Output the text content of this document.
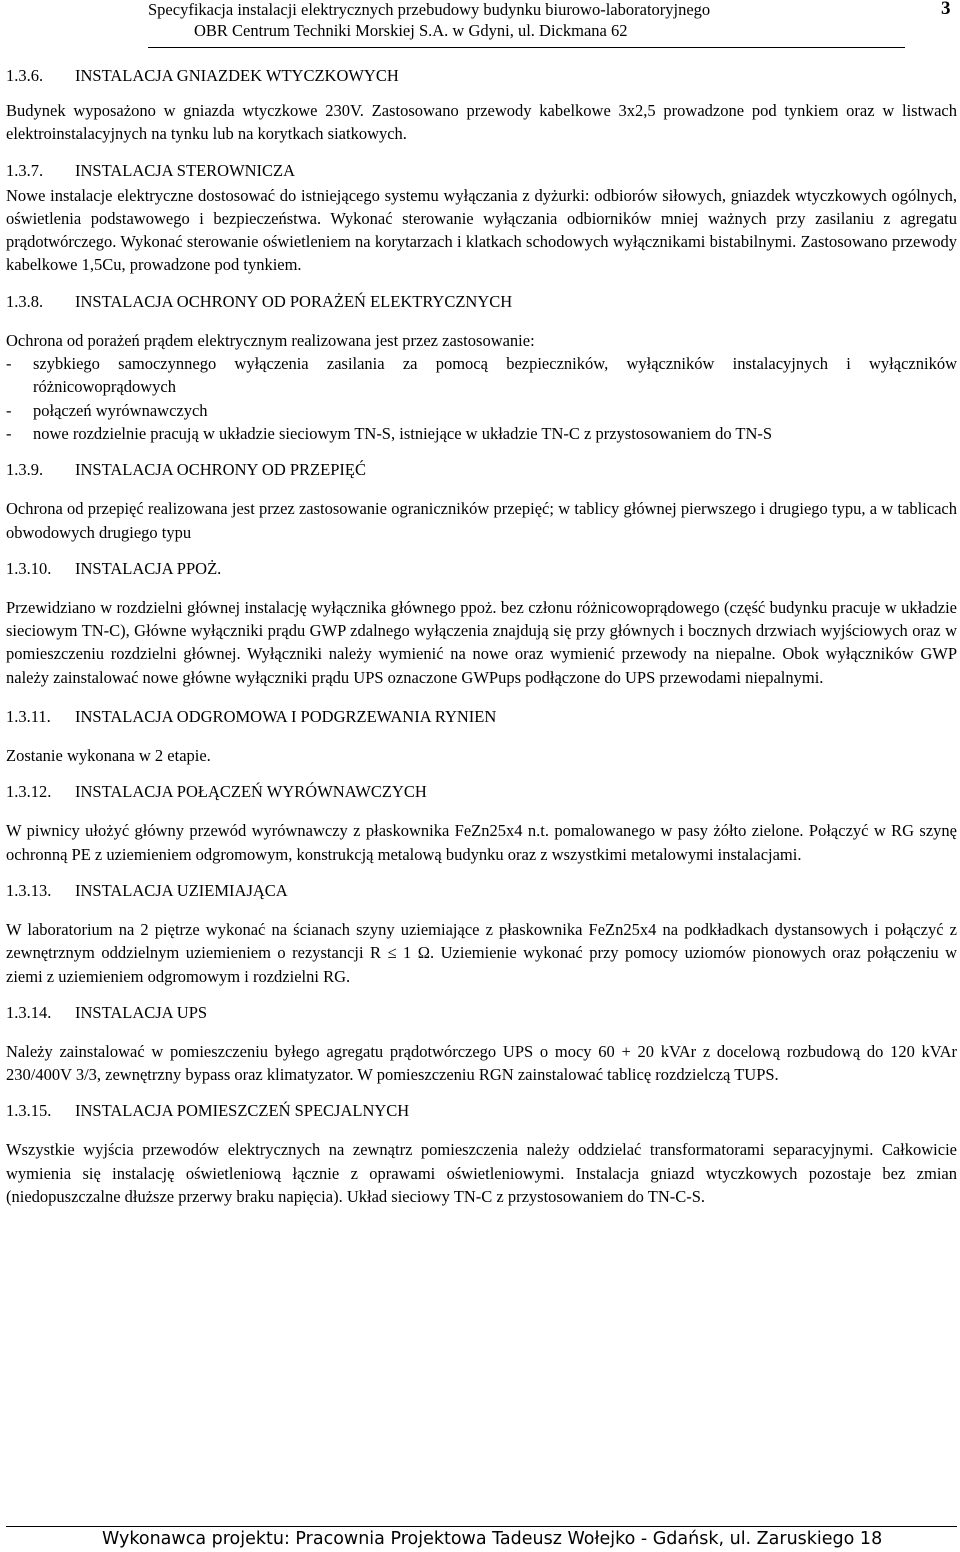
Specyfikacja instalacji elektrycznych przebudowy budynku biurowo-laboratoryjnego
OBR Centrum Techniki Morskiej S.A. w Gdyni, ul. Dickmana 62
3
1.3.6. INSTALACJA GNIAZDEK WTYCZKOWYCH

Budynek wyposażono w gniazda wtyczkowe 230V. Zastosowano przewody kabelkowe 3x2,5 prowadzone pod tynkiem oraz w listwach elektroinstalacyjnych na tynku lub na korytkach siatkowych.

1.3.7. INSTALACJA STEROWNICZA

Nowe instalacje elektryczne dostosować do istniejącego systemu wyłączania z dyżurki: odbiorów siłowych, gniazdek wtyczkowych ogólnych, oświetlenia podstawowego i bezpieczeństwa. Wykonać sterowanie wyłączania odbiorników mniej ważnych przy zasilaniu z agregatu prądotwórczego. Wykonać sterowanie oświetleniem na korytarzach i klatkach schodowych wyłącznikami bistabilnymi. Zastosowano przewody kabelkowe 1,5Cu, prowadzone pod tynkiem.

1.3.8. INSTALACJA OCHRONY OD PORAŻEŃ ELEKTRYCZNYCH

Ochrona od porażeń prądem elektrycznym realizowana jest przez zastosowanie:

-	szybkiego samoczynnego wyłączenia zasilania za pomocą bezpieczników, wyłączników instalacyjnych i wyłączników różnicowoprądowych
-	połączeń wyrównawczych
-	nowe rozdzielnie pracują w układzie sieciowym TN-S, istniejące w układzie TN-C z przystosowaniem do TN-S
1.3.9. INSTALACJA OCHRONY OD PRZEPIĘĆ

Ochrona od przepięć realizowana jest przez zastosowanie ograniczników przepięć; w tablicy głównej pierwszego i drugiego typu, a w tablicach obwodowych drugiego typu

1.3.10. INSTALACJA PPOŻ.

Przewidziano w rozdzielni głównej instalację wyłącznika głównego ppoż. bez członu różnicowoprądowego (część budynku pracuje w układzie sieciowym TN-C), Główne wyłączniki prądu GWP zdalnego wyłączenia znajdują się przy głównych i bocznych drzwiach wyjściowych oraz w pomieszczeniu rozdzielni głównej. Wyłączniki należy wymienić na nowe oraz wymienić przewody na niepalne. Obok wyłączników GWP należy zainstalować nowe główne wyłączniki prądu UPS oznaczone GWPups podłączone do UPS przewodami niepalnymi.

1.3.11. INSTALACJA ODGROMOWA I PODGRZEWANIA RYNIEN

Zostanie wykonana w 2 etapie.

1.3.12. INSTALACJA POŁĄCZEŃ WYRÓWNAWCZYCH

W piwnicy ułożyć główny przewód wyrównawczy z płaskownika FeZn25x4 n.t. pomalowanego w pasy żółto zielone. Połączyć w RG szynę ochronną PE z uziemieniem odgromowym, konstrukcją metalową budynku oraz z wszystkimi metalowymi instalacjami.

1.3.13. INSTALACJA UZIEMIAJĄCA

W laboratorium na 2 piętrze wykonać na ścianach szyny uziemiające z płaskownika FeZn25x4 na podkładkach dystansowych i połączyć z zewnętrznym oddzielnym uziemieniem o rezystancji R ≤ 1 Ω. Uziemienie wykonać przy pomocy uziomów pionowych oraz połączeniu w ziemi z uziemieniem odgromowym i rozdzielni RG.

1.3.14. INSTALACJA UPS

Należy zainstalować w pomieszczeniu byłego agregatu prądotwórczego UPS o mocy 60 + 20 kVAr z docelową rozbudową do 120 kVAr 230/400V 3/3, zewnętrzny bypass oraz klimatyzator. W pomieszczeniu RGN zainstalować tablicę rozdzielczą TUPS.

1.3.15. INSTALACJA POMIESZCZEŃ SPECJALNYCH

Wszystkie wyjścia przewodów elektrycznych na zewnątrz pomieszczenia należy oddzielać transformatorami separacyjnymi. Całkowicie wymienia się instalację oświetleniową łącznie z oprawami oświetleniowymi. Instalacja gniazd wtyczkowych pozostaje bez zmian (niedopuszczalne dłuższe przerwy braku napięcia). Układ sieciowy TN-C z przystosowaniem do TN-C-S.

Wykonawca projektu: Pracownia Projektowa Tadeusz Wołejko - Gdańsk, ul. Zaruskiego 18
